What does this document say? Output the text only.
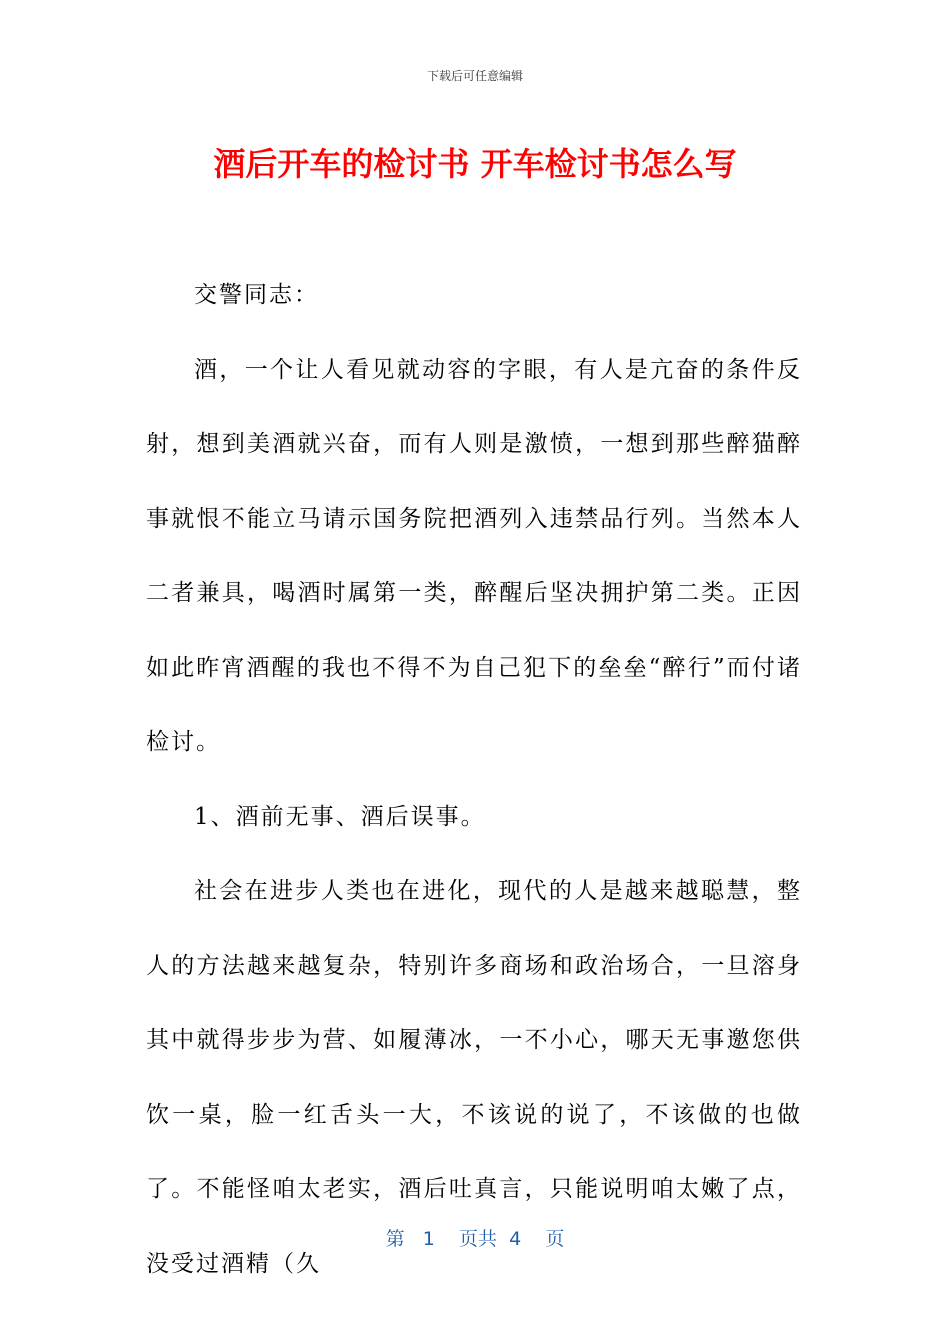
下载后可任意编辑
酒后开车的检讨书 开车检讨书怎么写

交警同志：

酒，一个让人看见就动容的字眼，有人是亢奋的条件反射，想到美酒就兴奋，而有人则是激愤，一想到那些醉猫醉事就恨不能立马请示国务院把酒列入违禁品行列。当然本人二者兼具，喝酒时属第一类，醉醒后坚决拥护第二类。正因如此昨宵酒醒的我也不得不为自己犯下的垒垒“醉行”而付诸检讨。

1、酒前无事、酒后误事。

社会在进步人类也在进化，现代的人是越来越聪慧，整人的方法越来越复杂，特别许多商场和政治场合，一旦溶身其中就得步步为营、如履薄冰，一不小心，哪天无事邀您供饮一桌，脸一红舌头一大，不该说的说了，不该做的也做了。不能怪咱太老实，酒后吐真言，只能说明咱太嫩了点，没受过酒精（久

第 1 页共 4 页
